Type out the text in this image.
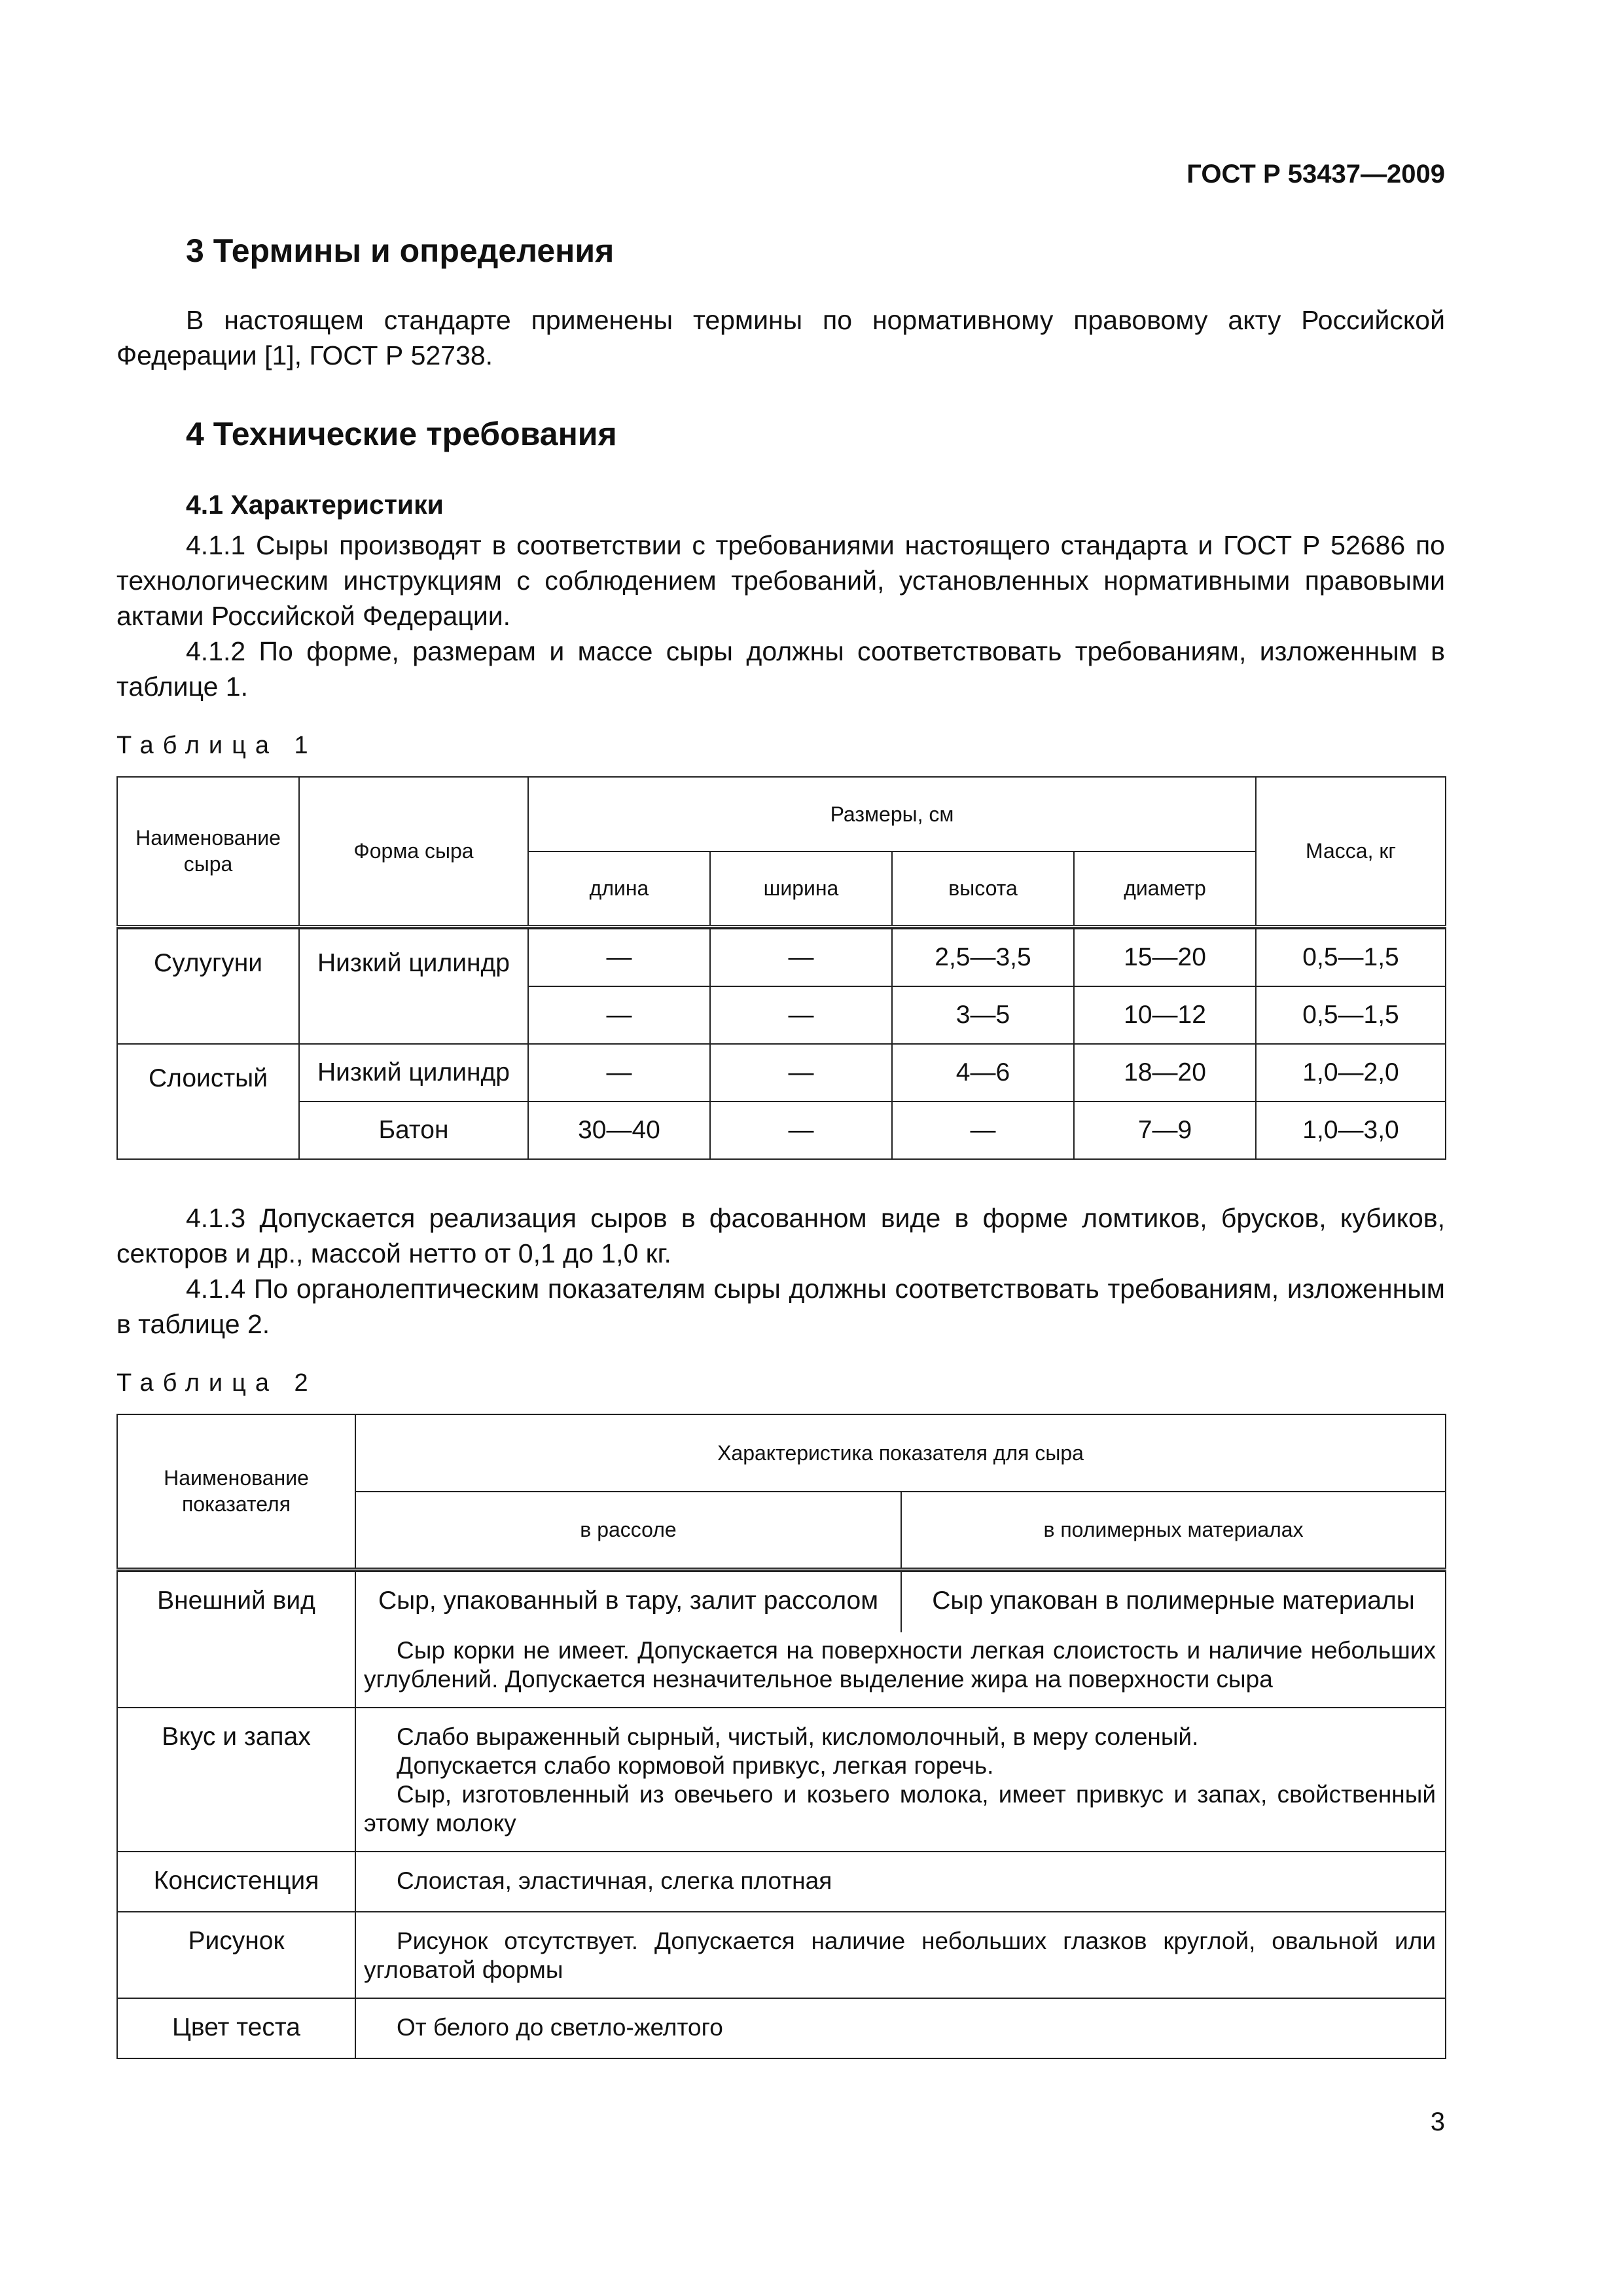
ГОСТ Р 53437—2009
3 Термины и определения
В настоящем стандарте применены термины по нормативному правовому акту Российской Федерации [1], ГОСТ Р 52738.
4 Технические требования
4.1 Характеристики
4.1.1 Сыры производят в соответствии с требованиями настоящего стандарта и ГОСТ Р 52686 по технологическим инструкциям с соблюдением требований, установленных нормативными правовыми актами Российской Федерации.
4.1.2 По форме, размерам и массе сыры должны соответствовать требованиям, изложенным в таблице 1.
Таблица 1
Наименование сыра	Форма сыра	Размеры, см				Масса, кг
		длина	ширина	высота	диаметр	

Сулугуни	Низкий цилиндр	—	—	2,5—3,5	15—20	0,5—1,5
		—	—	3—5	10—12	0,5—1,5
Слоистый	Низкий цилиндр	—	—	4—6	18—20	1,0—2,0
	Батон	30—40	—	—	7—9	1,0—3,0
4.1.3 Допускается реализация сыров в фасованном виде в форме ломтиков, брусков, кубиков, секторов и др., массой нетто от 0,1 до 1,0 кг.
4.1.4 По органолептическим показателям сыры должны соответствовать требованиям, изложенным в таблице 2.
Таблица 2
Наименование показателя	Характеристика показателя для сыра	
	в рассоле	в полимерных материалах

Внешний вид	Сыр, упакованный в тару, залит рассолом	Сыр упакован в полимерные материалы

	Сыр корки не имеет. Допускается на поверхности легкая слоистость и наличие небольших углублений. Допускается незначительное выделение жира на поверхности сыра	

Вкус и запах	Слабо выраженный сырный, чистый, кисломолочный, в меру соленый.

Допускается слабо кормовой привкус, легкая горечь.

Сыр, изготовленный из овечьего и козьего молока, имеет привкус и запах, свойственный этому молоку	

Консистенция	Слоистая, эластичная, слегка плотная	

Рисунок	Рисунок отсутствует. Допускается наличие небольших глазков круглой, овальной или угловатой формы	

Цвет теста	От белого до светло-желтого	

3
